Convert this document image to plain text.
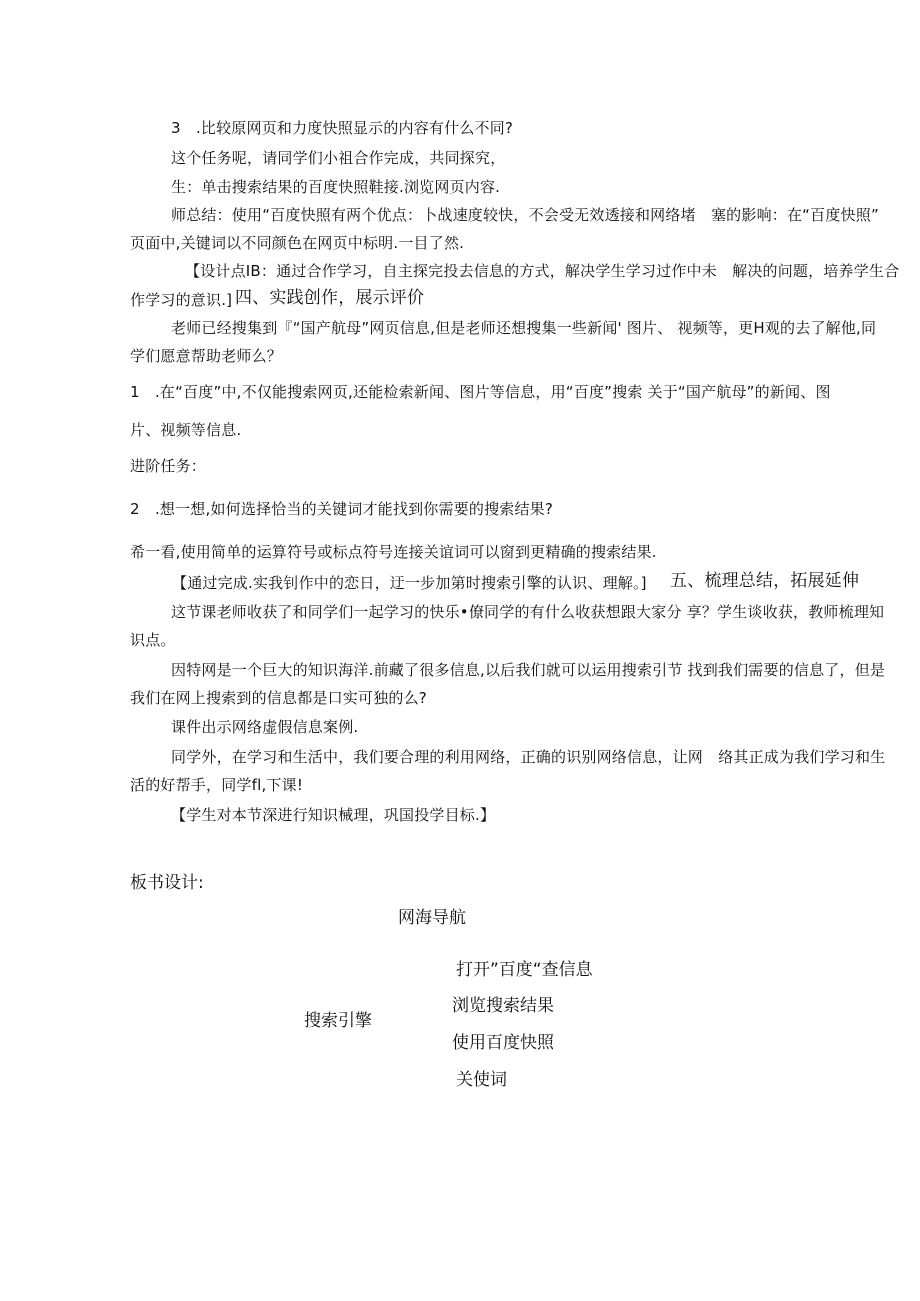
3　.比较原网页和力度快照显示的内容有什么不同?
这个任务呢，请同学们小祖合作完成，共同探究，
生：单击搜索结果的百度快照鞋接.浏览网页内容.
师总结：使用“百度快照有两个优点：卜战速度较快，不会受无效透接和网络堵　塞的影响：在“百度快照”
页面中,关键词以不同颜色在网页中标明.一目了然.
【设计点IB：通过合作学习，自主探完投去信息的方式，解决学生学习过作中未　解决的问题，培养学生合
作学习的意识.] 四、实践创作，展示评价
老师已经搜集到『“国产航母”网页信息,但是老师还想搜集一些新闻' 图片、 视频等，更H观的去了解他,同
学们愿意帮助老师么？
1　.在“百度”中,不仅能搜索网页,还能检索新闻、图片等信息，用“百度”搜索 关于“国产航母”的新闻、图
片、视频等信息.
进阶任务：
2　.想一想,如何选择恰当的关键词才能找到你需要的搜索结果?
希一看,使用简单的运算符号或标点符号连接关谊词可以窗到更精确的搜索结果.
【通过完成.实我钊作中的恋日，迂一步加第时搜索引擎的认识、理解。] 五、梳理总结，拓展延伸
这节课老师收获了和同学们一起学习的快乐•僚同学的有什么收获想跟大家分 享？学生谈收获，教师梳理知
识点。
因特网是一个巨大的知识海洋.前藏了很多信息,以后我们就可以运用搜索引节 找到我们需要的信息了，但是
我们在网上搜索到的信息都是口实可独的么?
课件出示网络虚假信息案例.
同学外，在学习和生活中，我们要合理的利用网络，正确的识别网络信息，让网　络其正成为我们学习和生
活的好帮手，同学fl,下课!
【学生对本节深进行知识械理，巩国投学目标.】
板书设计:
网海导航
搜索引擎
打开”百度“查信息
浏览搜索结果
使用百度快照
关使词
